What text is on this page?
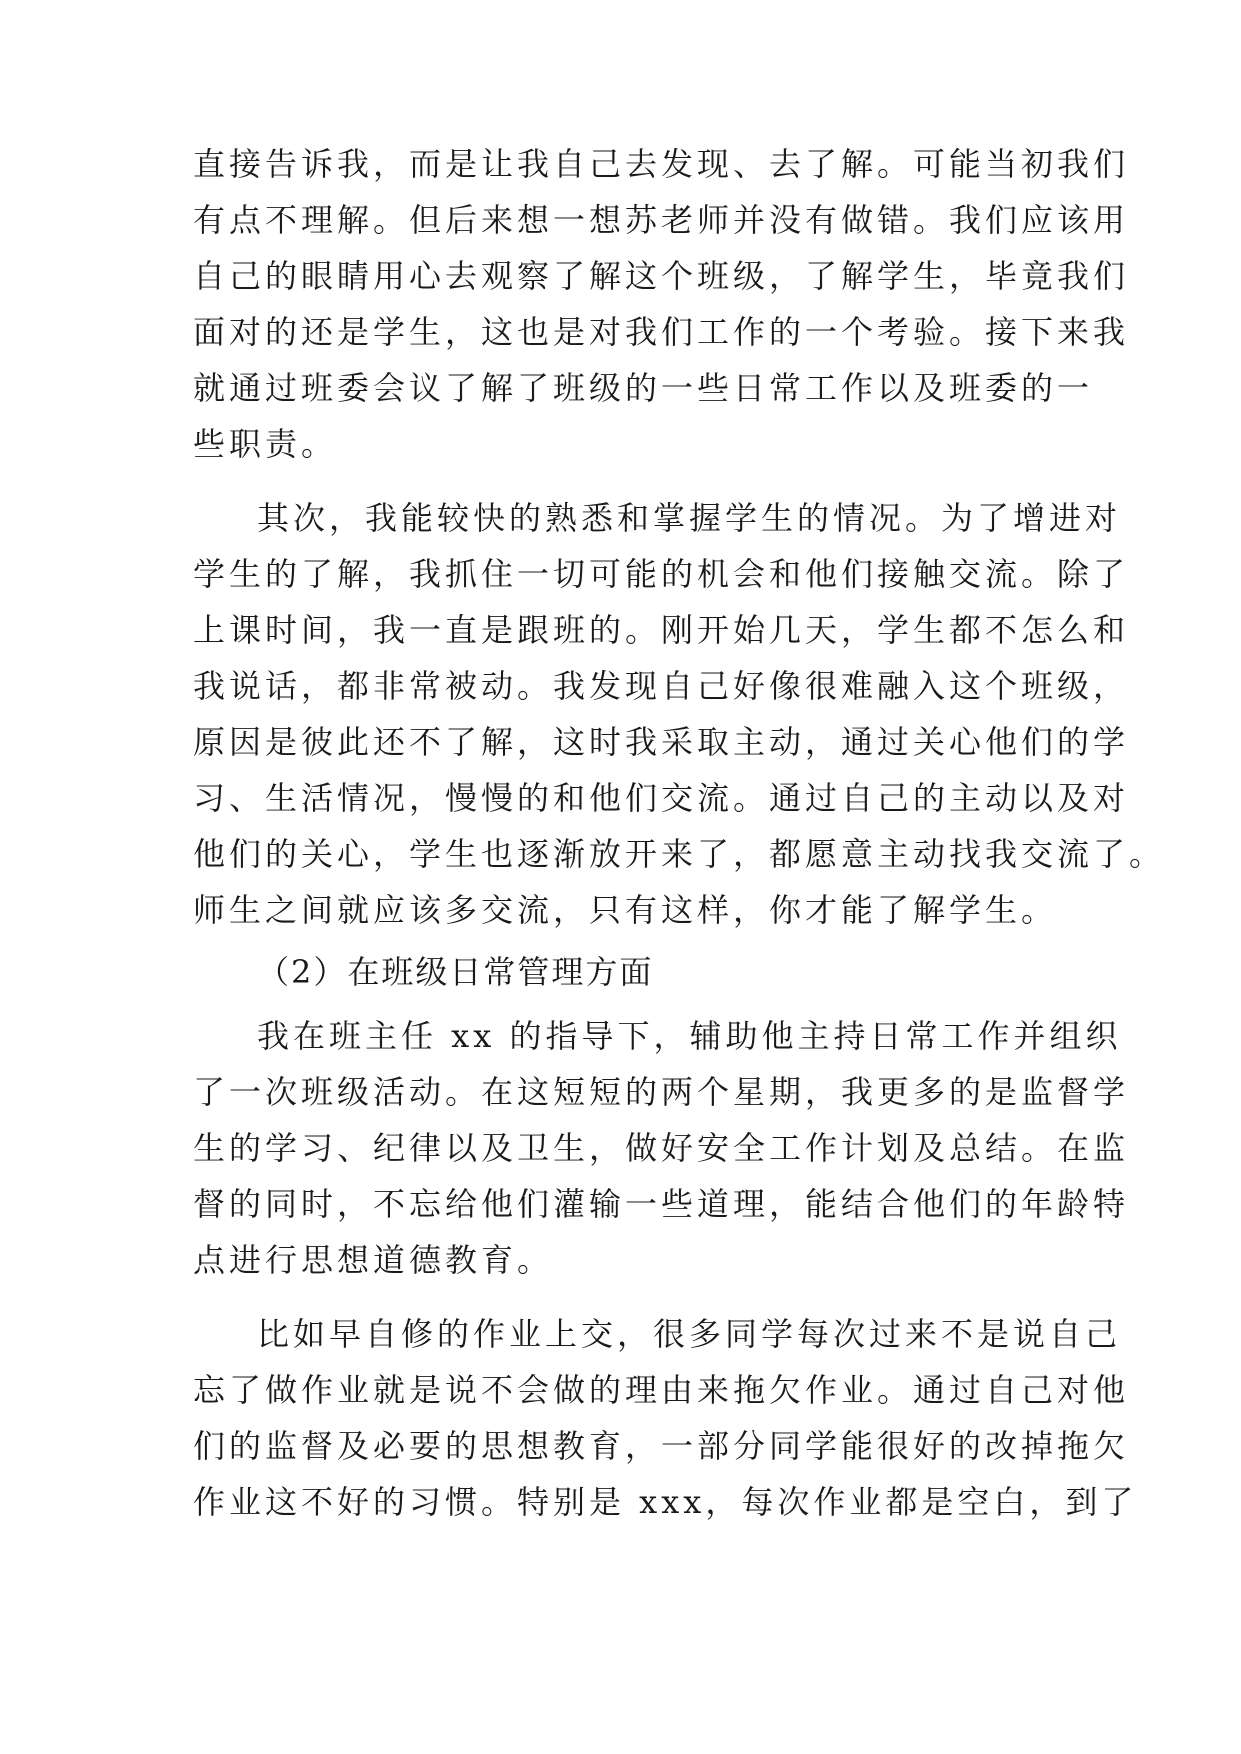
直接告诉我，而是让我自己去发现、去了解。可能当初我们
有点不理解。但后来想一想苏老师并没有做错。我们应该用
自己的眼睛用心去观察了解这个班级，了解学生，毕竟我们
面对的还是学生，这也是对我们工作的一个考验。接下来我
就通过班委会议了解了班级的一些日常工作以及班委的一
些职责。
其次，我能较快的熟悉和掌握学生的情况。为了增进对
学生的了解，我抓住一切可能的机会和他们接触交流。除了
上课时间，我一直是跟班的。刚开始几天，学生都不怎么和
我说话，都非常被动。我发现自己好像很难融入这个班级，
原因是彼此还不了解，这时我采取主动，通过关心他们的学
习、生活情况，慢慢的和他们交流。通过自己的主动以及对
他们的关心，学生也逐渐放开来了，都愿意主动找我交流了。
师生之间就应该多交流，只有这样，你才能了解学生。
（2）在班级日常管理方面
我在班主任 xx 的指导下，辅助他主持日常工作并组织
了一次班级活动。在这短短的两个星期，我更多的是监督学
生的学习、纪律以及卫生，做好安全工作计划及总结。在监
督的同时，不忘给他们灌输一些道理，能结合他们的年龄特
点进行思想道德教育。
比如早自修的作业上交，很多同学每次过来不是说自己
忘了做作业就是说不会做的理由来拖欠作业。通过自己对他
们的监督及必要的思想教育，一部分同学能很好的改掉拖欠
作业这不好的习惯。特别是 xxx，每次作业都是空白，到了
